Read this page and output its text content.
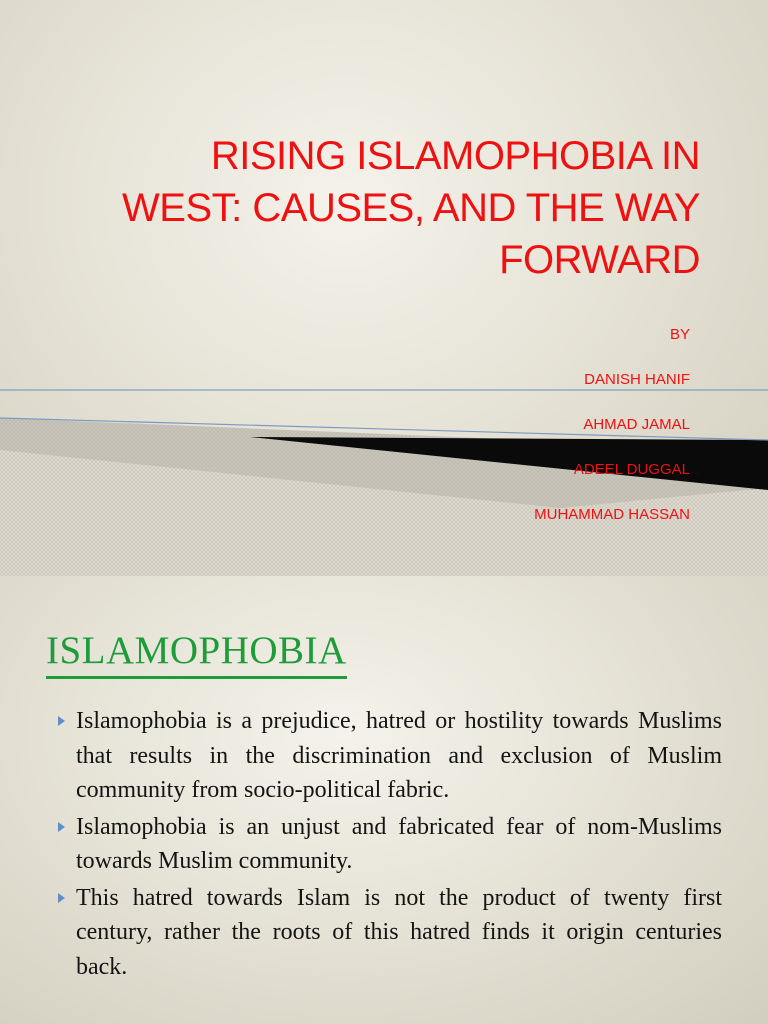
RISING ISLAMOPHOBIA IN WEST: CAUSES, AND THE WAY FORWARD
BY
DANISH HANIF
AHMAD JAMAL
ADEEL DUGGAL
MUHAMMAD HASSAN
ISLAMOPHOBIA
Islamophobia is a prejudice, hatred or hostility towards Muslims that results in the discrimination and exclusion of Muslim community from socio-political fabric.
Islamophobia is an unjust and fabricated fear of nom-Muslims towards Muslim community.
This hatred towards Islam is not the product of twenty first century, rather the roots of this hatred finds it origin centuries back.
